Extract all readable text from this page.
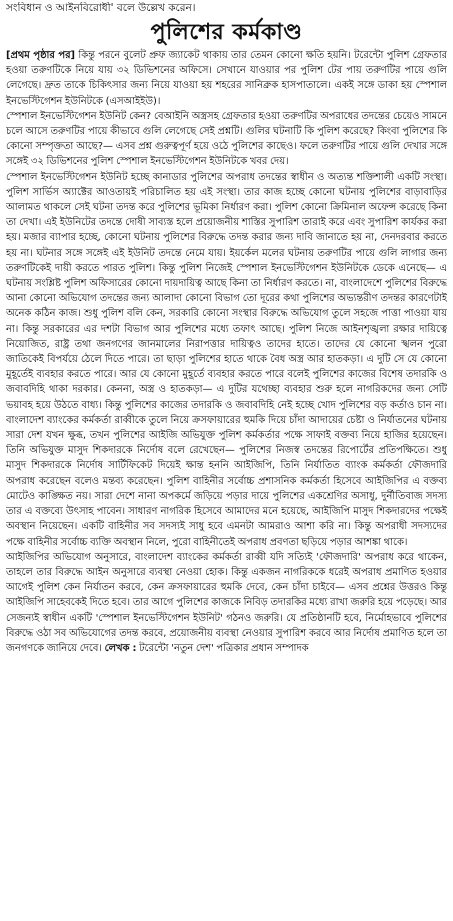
সংবিধান ও আইনবিরোধী' বলে উল্লেখ করেন।
পুলিশের কর্মকাণ্ড

[প্রথম পৃষ্ঠার পর] কিন্তু পরনে বুলেট প্রুফ জ্যাকেট থাকায় তার তেমন কোনো ক্ষতি হয়নি। টরেন্টো পুলিশ গ্রেফতার হওয়া তরুণটিকে নিয়ে যায় ৩২ ডিভিশনের অফিসে। সেখানে যাওয়ার পর পুলিশ টের পায় তরুণটির পায়ে গুলি লেগেছে। দ্রুত তাকে চিকিৎসার জন্য নিয়ে যাওয়া হয় শহরের সানিব্রুক হাসপাতালে। একই সঙ্গে ডাকা হয় স্পেশাল ইনভেস্টিগেশন ইউনিটকে (এসআইইউ)।

স্পেশাল ইনভেস্টিগেশন ইউনিট কেন? বেআইনি অস্ত্রসহ গ্রেফতার হওয়া তরুণটির অপরাধের তদন্তের চেয়েও সামনে চলে আসে তরুণটির পায়ে কীভাবে গুলি লেগেছে সেই প্রশ্নটি। গুলির ঘটনাটি কি পুলিশ করেছে? কিংবা পুলিশের কি কোনো সম্পৃক্ততা আছে?— এসব প্রশ্ন গুরুত্বপূর্ণ হয়ে ওঠে পুলিশের কাছেও। ফলে তরুণটির পায়ে গুলি দেখার সঙ্গে সঙ্গেই ৩২ ডিভিশনের পুলিশ স্পেশাল ইনভেস্টিগেশন ইউনিটকে খবর দেয়।

স্পেশাল ইনভেস্টিগেশন ইউনিট হচ্ছে কানাডার পুলিশের অপরাধ তদন্তের স্বাধীন ও অত্যন্ত শক্তিশালী একটি সংস্থা। পুলিশ সার্ভিস অ্যাক্টের আওতায়ই পরিচালিত হয় এই সংস্থা। তার কাজ হচ্ছে কোনো ঘটনায় পুলিশের বাড়াবাড়ির আলামত থাকলে সেই ঘটনা তদন্ত করে পুলিশের ভূমিকা নির্ধারণ করা। পুলিশ কোনো ক্রিমিনাল অফেন্স করেছে কিনা তা দেখা। এই ইউনিটের তদন্তে দোষী সাব্যস্ত হলে প্রয়োজনীয় শাস্তির সুপারিশ তারাই করে এবং সুপারিশ কার্যকর করা হয়। মজার ব্যাপার হচ্ছে, কোনো ঘটনায় পুলিশের বিরুদ্ধে তদন্ত করার জন্য দাবি জানাতে হয় না, দেনদরবার করতে হয় না। ঘটনার সঙ্গে সঙ্গেই এই ইউনিট তদন্তে নেমে যায়। ইয়র্কেল মলের ঘটনায় তরুণটির পায়ে গুলি লাগার জন্য তরুণটিকেই দায়ী করতে পারত পুলিশ। কিন্তু পুলিশ নিজেই স্পেশাল ইনভেস্টিগেশন ইউনিটকে ডেকে এনেছে— এ ঘটনায় সংশ্লিষ্ট পুলিশ অফিসারের কোনো দায়দায়িত্ব আছে কিনা তা নির্ধারণ করতে। না, বাংলাদেশে পুলিশের বিরুদ্ধে আনা কোনো অভিযোগ তদন্তের জন্য আলাদা কোনো বিভাগ তো দূরের কথা পুলিশের অভ্যন্তরীণ তদন্তর কারণেটাই অনেক কঠিন কাজ। শুধু পুলিশ বলি কেন, সরকারি কোনো সংস্থার বিরুদ্ধে অভিযোগ তুলে সহজে পাত্তা পাওয়া যায় না। কিন্তু সরকারের এর দশটা বিভাগ আর পুলিশের মধ্যে তফাৎ আছে। পুলিশ নিজে আইনশৃঙ্খলা রক্ষার দায়িত্বে নিয়োজিত, রাষ্ট্র তথা জনগণের জানমালের নিরাপত্তার দায়িত্বও তাদের হাতে। তাদের যে কোনো স্খলন পুরো জাতিকেই বিপর্যয়ে ঠেলে দিতে পারে। তা ছাড়া পুলিশের হাতে থাকে বৈধ অস্ত্র আর হাতকড়া। এ দুটি সে যে কোনো মুহূর্তেই ব্যবহার করতে পারে। আর যে কোনো মুহূর্তে ব্যবহার করতে পারে বলেই পুলিশের কাজের বিশেষ তদারকি ও জবাবদিহি থাকা দরকার। কেননা, অস্ত্র ও হাতকড়া— এ দুটির যথেচ্ছা ব্যবহার শুরু হলে নাগরিকদের জন্য সেটি ভয়াবহ হয়ে উঠতে বাধ্য। কিন্তু পুলিশের কাজের তদারকি ও জবাবদিহি নেই হচ্ছে খোদ পুলিশের বড় কর্তাও চান না। বাংলাদেশ ব্যাংকের কর্মকর্তা রাব্বীকে তুলে নিয়ে ক্রসফায়ারের হুমকি দিয়ে চাঁদা আদায়ের চেষ্টা ও নির্যাতনের ঘটনায় সারা দেশ যখন ক্ষুব্ধ, তখন পুলিশের আইজি অভিযুক্ত পুলিশ কর্মকর্তার পক্ষে সাফাই বক্তব্য নিয়ে হাজির হয়েছেন। তিনি অভিযুক্ত মাসুদ শিকদারকে নির্দোষ বলে রেখেছেন— পুলিশের নিজস্ব তদন্তের রিপোর্টের প্রতিপক্ষিতে। শুধু মাসুদ শিকদারকে নির্দোষ সার্টিফিকেট দিয়েই ক্ষান্ত হননি আইজিপি, তিনি নির্যাতিত ব্যাংক কর্মকর্তা ফৌজদারি অপরাধ করেছেন বলেও মন্তব্য করেছেন। পুলিশ বাহিনীর সর্বোচ্চ প্রশাসনিক কর্মকর্তা হিসেবে আইজিপির এ বক্তব্য মোটেও কাঙ্ক্ষিত নয়। সারা দেশে নানা অপকর্মে জড়িয়ে পড়ার দায়ে পুলিশের একশ্রেণির অসাধু, দুর্নীতিবাজ সদস্য তার এ বক্তব্যে উৎসাহ পাবেন। সাধারণ নাগরিক হিসেবে আমাদের মনে হয়েছে, আইজিপি মাসুদ শিকদারদের পক্ষেই অবস্থান নিয়েছেন। একটি বাহিনীর সব সদস্যই সাধু হবে এমনটা আমরাও আশা করি না। কিন্তু অপরাধী সদস্যদের পক্ষে বাহিনীর সর্বোচ্চ ব্যক্তি অবস্থান নিলে, পুরো বাহিনীতেই অপরাধ প্রবণতা ছড়িয়ে পড়ার আশঙ্কা থাকে।

আইজিপির অভিযোগ অনুসারে, বাংলাদেশ ব্যাংকের কর্মকর্তা রাব্বী যদি সত্যিই 'ফৌজদারি' অপরাধ করে থাকেন, তাহলে তার বিরুদ্ধে আইন অনুসারে ব্যবস্থা নেওয়া হোক। কিন্তু একজন নাগরিককে ধরেই অপরাধ প্রমাণিত হওয়ার আগেই পুলিশ কেন নির্যাতন করবে, কেন ক্রসফায়ারের হুমকি দেবে, কেন চাঁদা চাইবে— এসব প্রশ্নের উত্তরও কিন্তু আইজিপি সাহেবকেই দিতে হবে। তার আগে পুলিশের কাজকে নিবিড় তদারকির মধ্যে রাখা জরুরি হয়ে পড়েছে। আর সেজন্যই স্বাধীন একটি 'স্পেশাল ইনভেস্টিগেশন ইউনিট' গঠনও জরুরি। যে প্রতিষ্ঠানটি হবে, নির্মোহভাবে পুলিশের বিরুদ্ধে ওঠা সব অভিযোগের তদন্ত করবে, প্রয়োজনীয় ব্যবস্থা নেওয়ার সুপারিশ করবে আর নির্দোষ প্রমাণিত হলে তা জনগণকে জানিয়ে দেবে। লেখক : টরেন্টো 'নতুন দেশ' পত্রিকার প্রধান সম্পাদক
